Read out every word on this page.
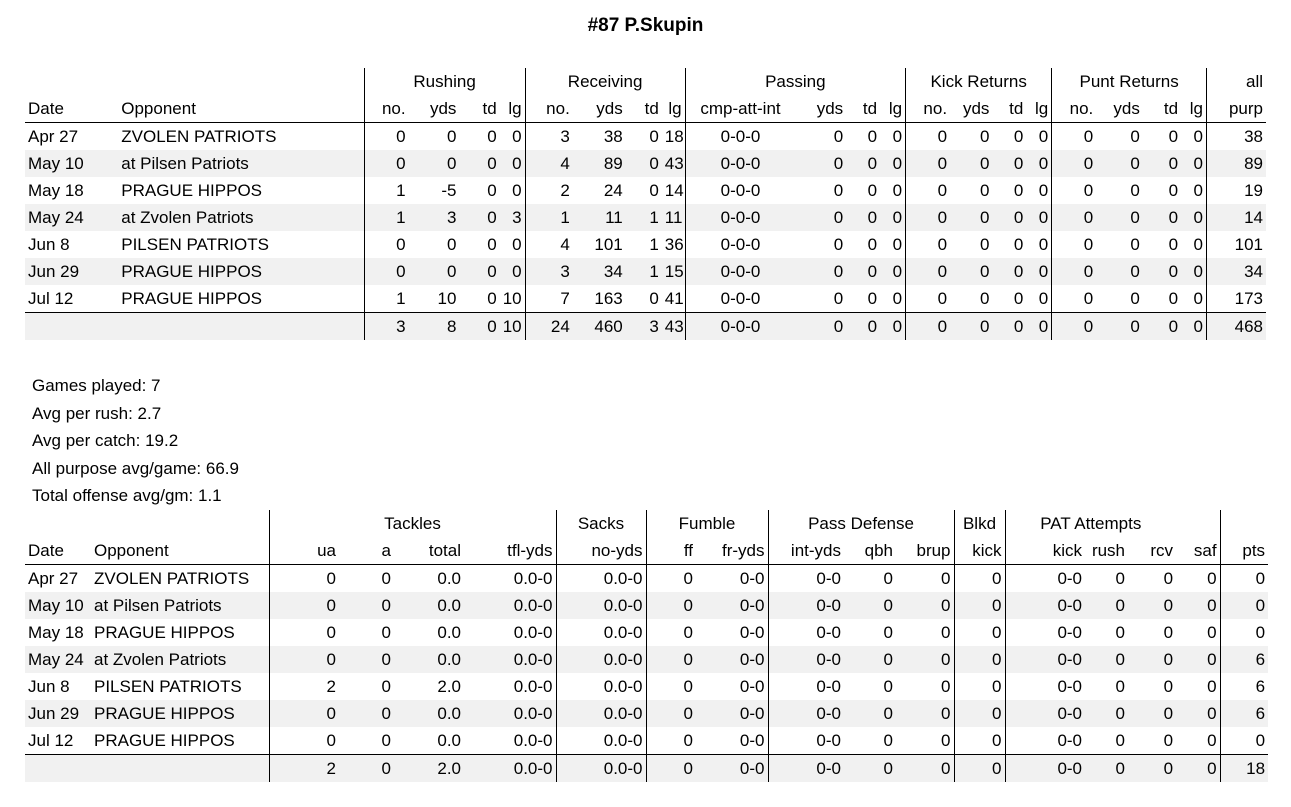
#87 P.Skupin
		Rushing				Receiving				Passing				Kick Returns				Punt Returns				all
Date	Opponent	no.	yds	td	lg	no.	yds	td	lg	cmp-att-int	yds	td	lg	no.	yds	td	lg	no.	yds	td	lg	purp
Apr 27	ZVOLEN PATRIOTS	0	0	0	0	3	38	0	18	0-0-0	0	0	0	0	0	0	0	0	0	0	0	38
May 10	at Pilsen Patriots	0	0	0	0	4	89	0	43	0-0-0	0	0	0	0	0	0	0	0	0	0	0	89
May 18	PRAGUE HIPPOS	1	-5	0	0	2	24	0	14	0-0-0	0	0	0	0	0	0	0	0	0	0	0	19
May 24	at Zvolen Patriots	1	3	0	3	1	11	1	11	0-0-0	0	0	0	0	0	0	0	0	0	0	0	14
Jun 8	PILSEN PATRIOTS	0	0	0	0	4	101	1	36	0-0-0	0	0	0	0	0	0	0	0	0	0	0	101
Jun 29	PRAGUE HIPPOS	0	0	0	0	3	34	1	15	0-0-0	0	0	0	0	0	0	0	0	0	0	0	34
Jul 12	PRAGUE HIPPOS	1	10	0	10	7	163	0	41	0-0-0	0	0	0	0	0	0	0	0	0	0	0	173
		3	8	0	10	24	460	3	43	0-0-0	0	0	0	0	0	0	0	0	0	0	0	468
Games played: 7
Avg per rush: 2.7
Avg per catch: 19.2
All purpose avg/game: 66.9
Total offense avg/gm: 1.1
		Tackles				Sacks	Fumble		Pass Defense			Blkd	PAT Attempts				
Date	Opponent	ua	a	total	tfl-yds	no-yds	ff	fr-yds	int-yds	qbh	brup	kick	kick	rush	rcv	saf	pts
Apr 27	ZVOLEN PATRIOTS	0	0	0.0	0.0-0	0.0-0	0	0-0	0-0	0	0	0	0-0	0	0	0	0
May 10	at Pilsen Patriots	0	0	0.0	0.0-0	0.0-0	0	0-0	0-0	0	0	0	0-0	0	0	0	0
May 18	PRAGUE HIPPOS	0	0	0.0	0.0-0	0.0-0	0	0-0	0-0	0	0	0	0-0	0	0	0	0
May 24	at Zvolen Patriots	0	0	0.0	0.0-0	0.0-0	0	0-0	0-0	0	0	0	0-0	0	0	0	6
Jun 8	PILSEN PATRIOTS	2	0	2.0	0.0-0	0.0-0	0	0-0	0-0	0	0	0	0-0	0	0	0	6
Jun 29	PRAGUE HIPPOS	0	0	0.0	0.0-0	0.0-0	0	0-0	0-0	0	0	0	0-0	0	0	0	6
Jul 12	PRAGUE HIPPOS	0	0	0.0	0.0-0	0.0-0	0	0-0	0-0	0	0	0	0-0	0	0	0	0
		2	0	2.0	0.0-0	0.0-0	0	0-0	0-0	0	0	0	0-0	0	0	0	18
